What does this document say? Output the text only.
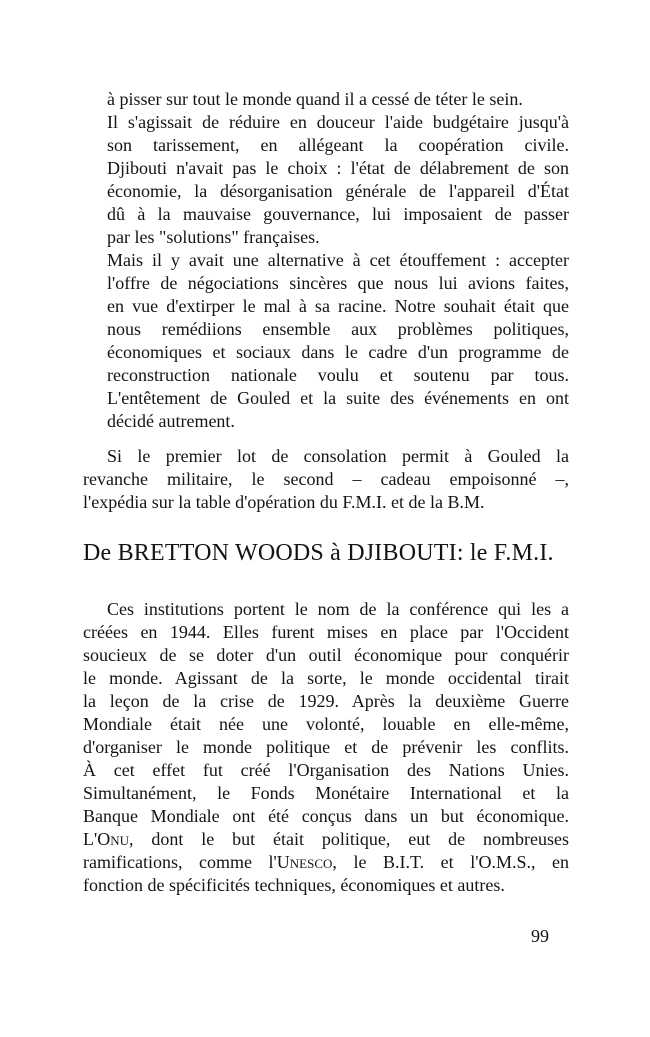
à pisser sur tout le monde quand il a cessé de téter le sein.
Il s'agissait de réduire en douceur l'aide budgétaire jusqu'à
son tarissement, en allégeant la coopération civile.
Djibouti n'avait pas le choix : l'état de délabrement de son
économie, la désorganisation générale de l'appareil d'État
dû à la mauvaise gouvernance, lui imposaient de passer
par les "solutions" françaises.
Mais il y avait une alternative à cet étouffement : accepter
l'offre de négociations sincères que nous lui avions faites,
en vue d'extirper le mal à sa racine. Notre souhait était que
nous remédiions ensemble aux problèmes politiques,
économiques et sociaux dans le cadre d'un programme de
reconstruction nationale voulu et soutenu par tous.
L'entêtement de Gouled et la suite des événements en ont
décidé autrement.
Si le premier lot de consolation permit à Gouled la
revanche militaire, le second – cadeau empoisonné –,
l'expédia sur la table d'opération du F.M.I. et de la B.M.
De BRETTON WOODS à DJIBOUTI: le F.M.I.
Ces institutions portent le nom de la conférence qui les a
créées en 1944. Elles furent mises en place par l'Occident
soucieux de se doter d'un outil économique pour conquérir
le monde. Agissant de la sorte, le monde occidental tirait
la leçon de la crise de 1929. Après la deuxième Guerre
Mondiale était née une volonté, louable en elle-même,
d'organiser le monde politique et de prévenir les conflits.
À cet effet fut créé l'Organisation des Nations Unies.
Simultanément, le Fonds Monétaire International et la
Banque Mondiale ont été conçus dans un but économique.
L'Onu, dont le but était politique, eut de nombreuses
ramifications, comme l'Unesco, le B.I.T. et l'O.M.S., en
fonction de spécificités techniques, économiques et autres.
99
